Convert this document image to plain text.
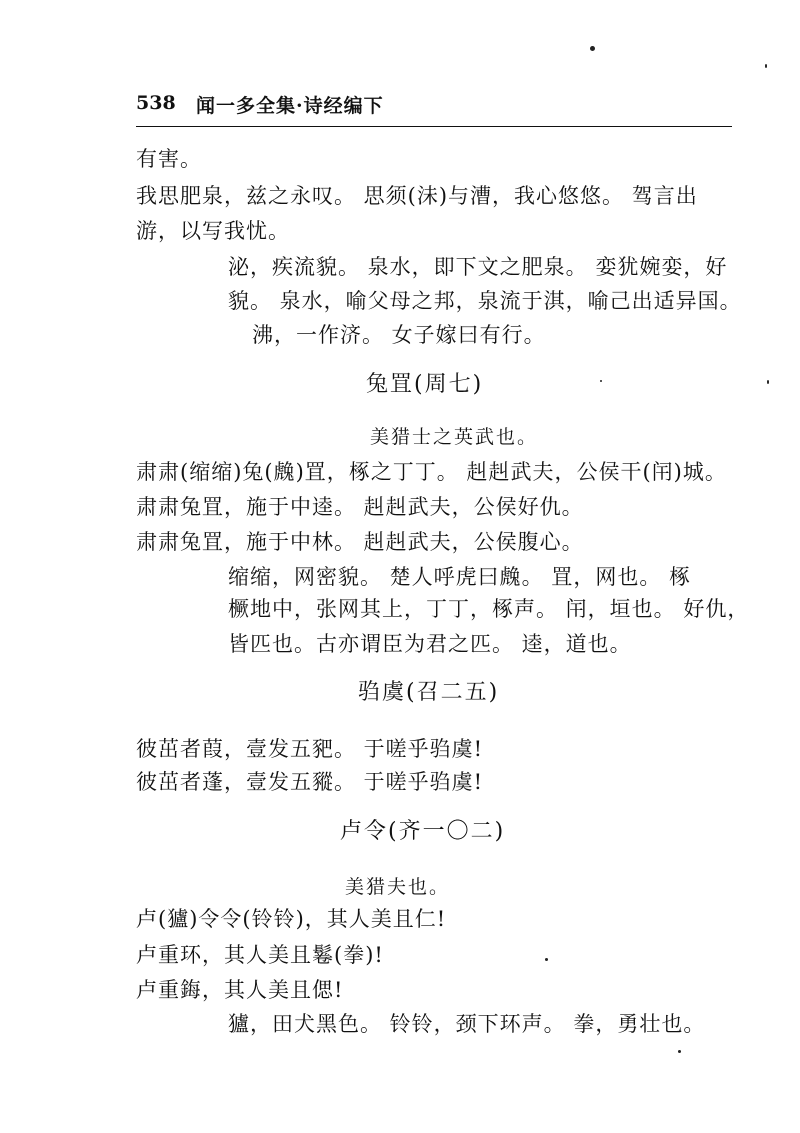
538 闻一多全集·诗经编下
有害。
我思肥泉，兹之永叹。 思须(沬)与漕，我心悠悠。 驾言出
游，以写我忧。
泌，疾流貌。 泉水，即下文之肥泉。 娈犹婉娈，好
貌。 泉水，喻父母之邦，泉流于淇，喻己出适异国。
沸，一作济。 女子嫁曰有行。
兔罝(周七)
美猎士之英武也。
肃肃(缩缩)兔(䖘)罝，椓之丁丁。 赳赳武夫，公侯干(闬)城。
肃肃兔罝，施于中逵。 赳赳武夫，公侯好仇。
肃肃兔罝，施于中林。 赳赳武夫，公侯腹心。
缩缩，网密貌。 楚人呼虎曰䖘。 罝，网也。 椓
橛地中，张网其上，丁丁，椓声。 闬，垣也。 好仇，
皆匹也。古亦谓臣为君之匹。 逵，道也。
驺虞(召二五)
彼茁者葭，壹发五豝。 于嗟乎驺虞!
彼茁者蓬，壹发五豵。 于嗟乎驺虞!
卢令(齐一〇二)
美猎夫也。
卢(獹)令令(铃铃)，其人美且仁!
卢重环，其人美且鬈(拳)!
卢重鋂，其人美且偲!
獹，田犬黑色。 铃铃，颈下环声。 拳，勇壮也。
